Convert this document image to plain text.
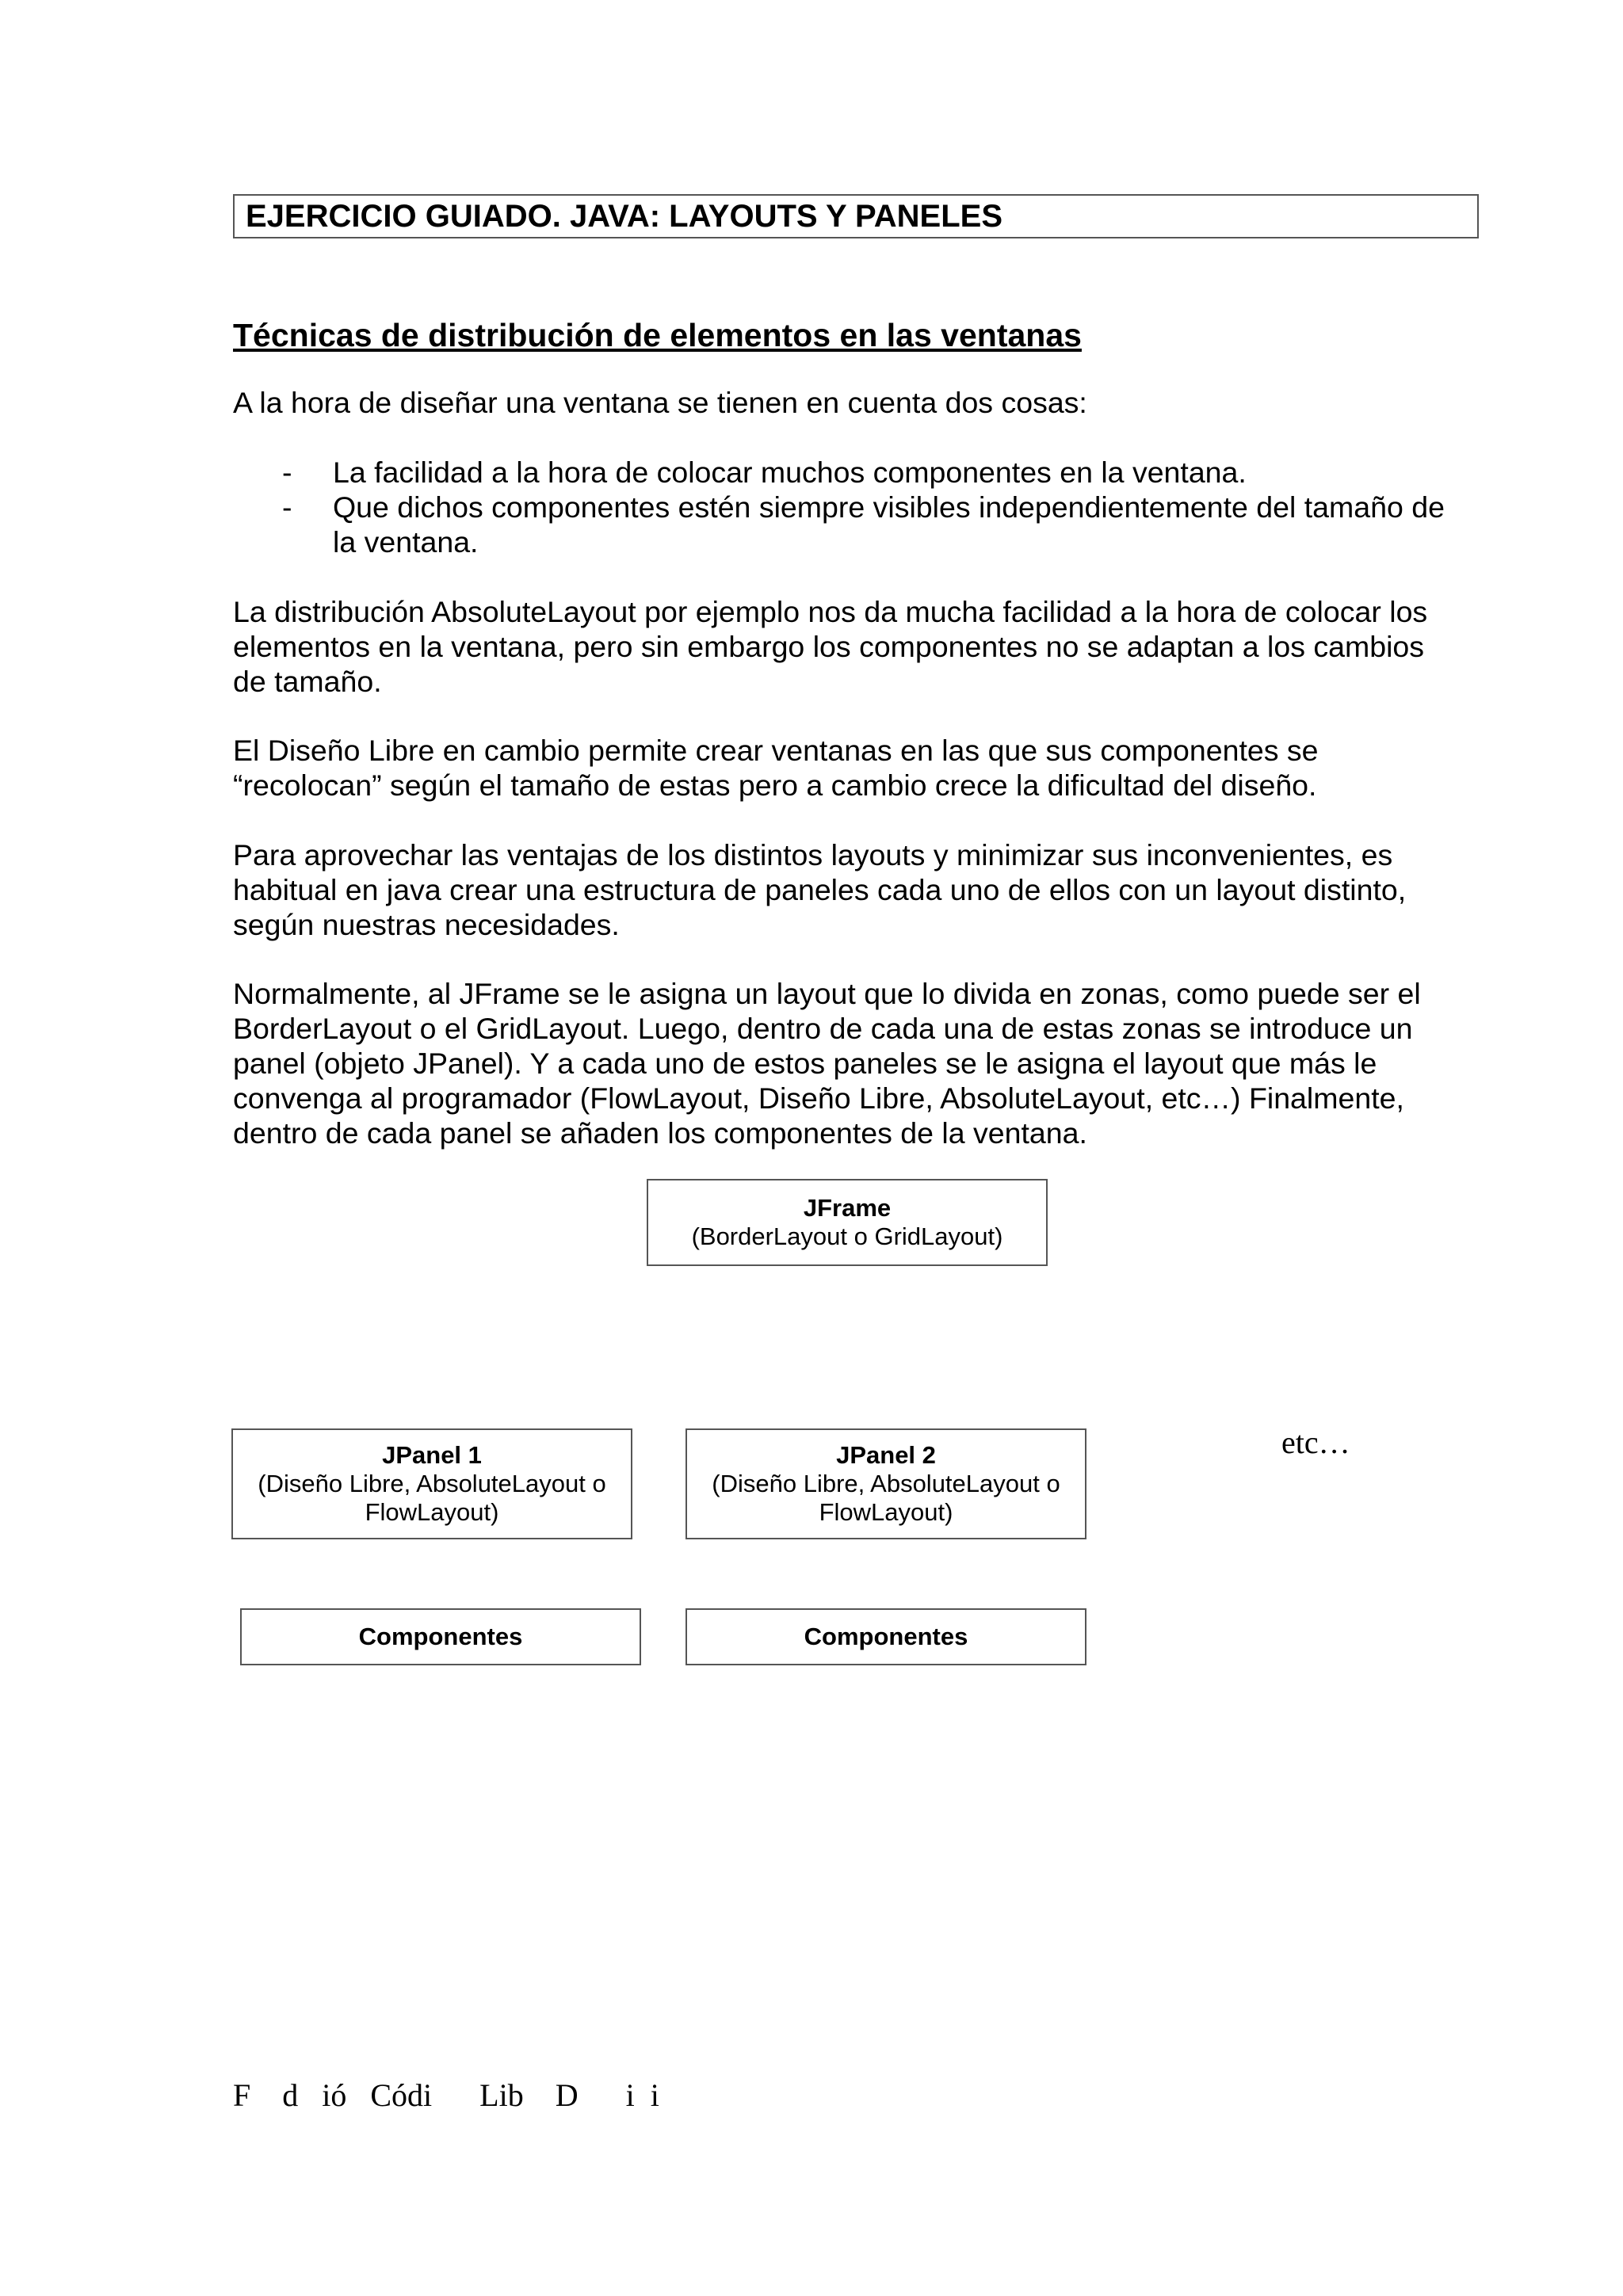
EJERCICIO GUIADO. JAVA: LAYOUTS Y PANELES
Técnicas de distribución de elementos en las ventanas
A la hora de diseñar una ventana se tienen en cuenta dos cosas:
- La facilidad a la hora de colocar muchos componentes en la ventana.
- Que dichos componentes estén siempre visibles independientemente del tamaño de
la ventana.
La distribución AbsoluteLayout por ejemplo nos da mucha facilidad a la hora de colocar los
elementos en la ventana, pero sin embargo los componentes no se adaptan a los cambios
de tamaño.
El Diseño Libre en cambio permite crear ventanas en las que sus componentes se
“recolocan” según el tamaño de estas pero a cambio crece la dificultad del diseño.
Para aprovechar las ventajas de los distintos layouts y minimizar sus inconvenientes, es
habitual en java crear una estructura de paneles cada uno de ellos con un layout distinto,
según nuestras necesidades.
Normalmente, al JFrame se le asigna un layout que lo divida en zonas, como puede ser el
BorderLayout o el GridLayout. Luego, dentro de cada una de estas zonas se introduce un
panel (objeto JPanel). Y a cada uno de estos paneles se le asigna el layout que más le
convenga al programador (FlowLayout, Diseño Libre, AbsoluteLayout, etc…) Finalmente,
dentro de cada panel se añaden los componentes de la ventana.
JFrame
(BorderLayout o GridLayout)
JPanel 1
(Diseño Libre, AbsoluteLayout o
FlowLayout)
JPanel 2
(Diseño Libre, AbsoluteLayout o
FlowLayout)
etc…
Componentes	Componentes
F    d   ió   Códi      Lib    D      i  i
